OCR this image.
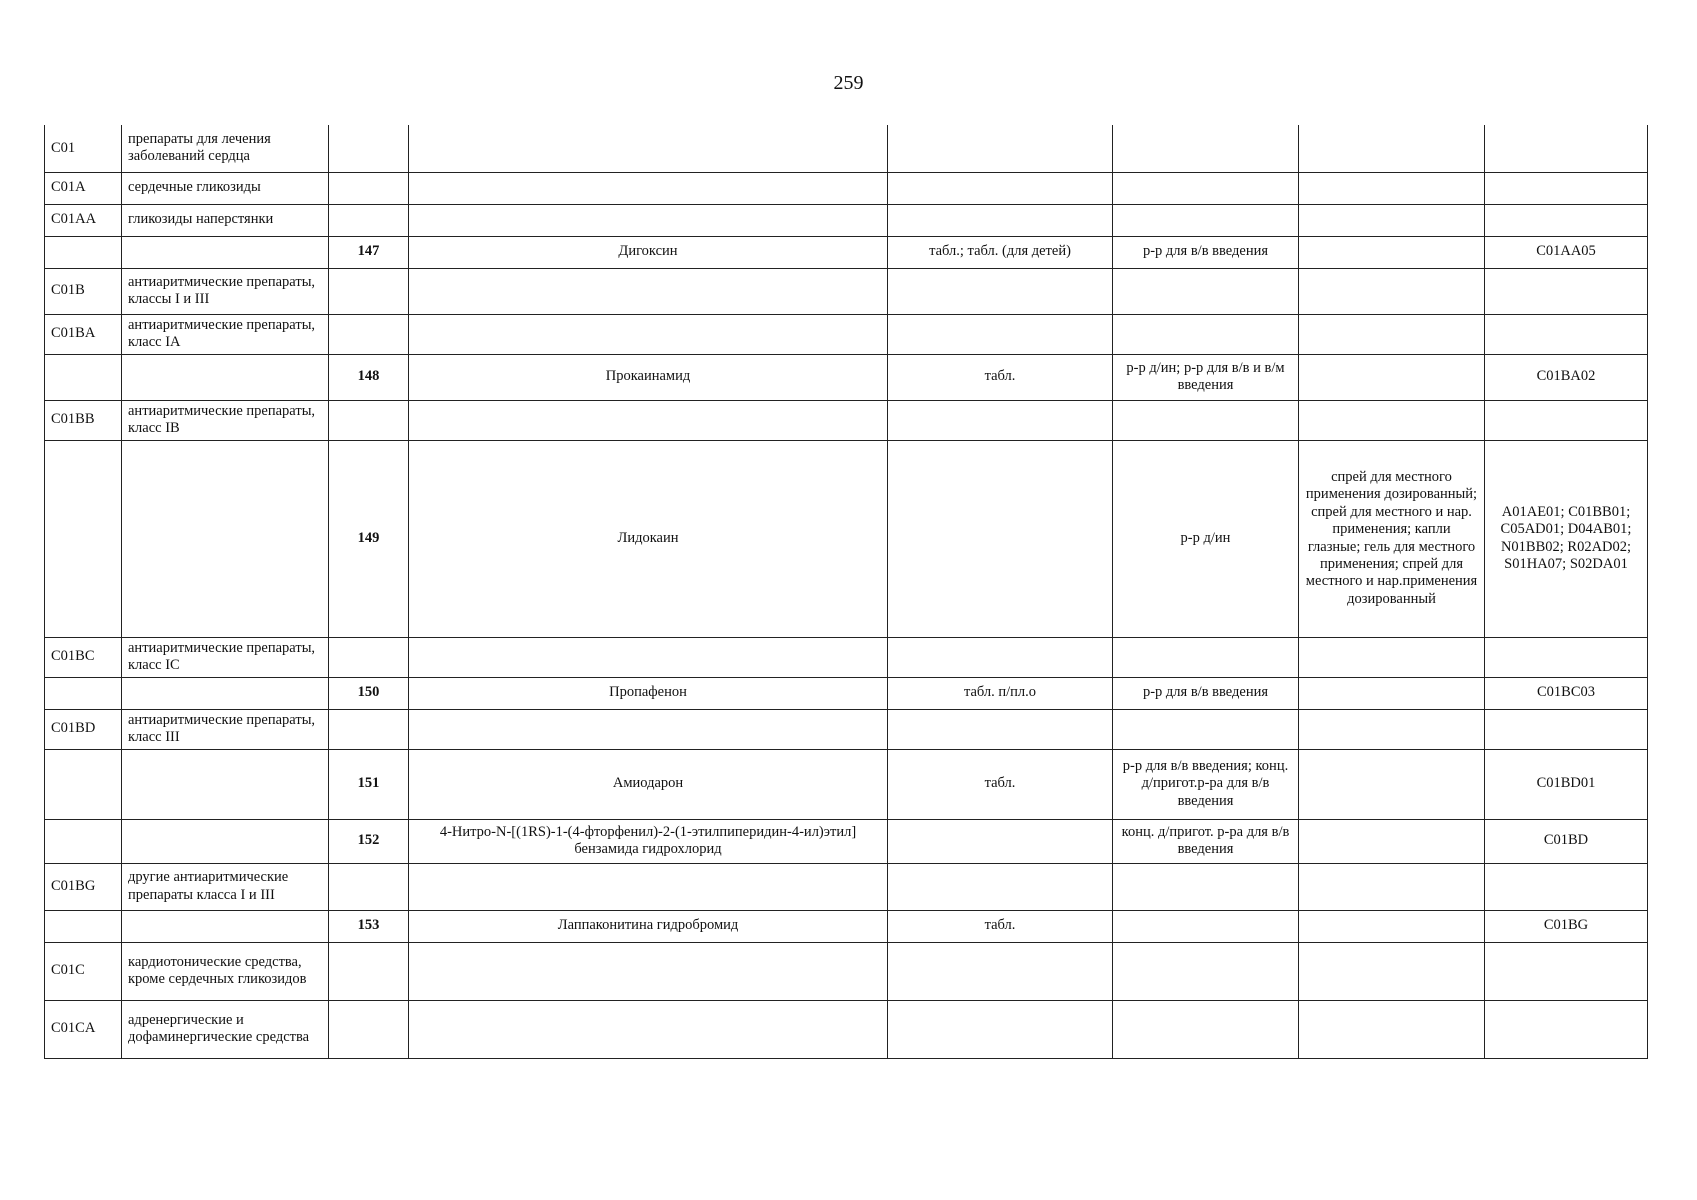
259
C01	препараты для лечения заболеваний сердца						
C01A	сердечные гликозиды						
C01AA	гликозиды наперстянки						
		147	Дигоксин	табл.; табл. (для детей)	р-р для в/в введения		C01AA05
C01B	антиаритмические препараты, классы I и III						
C01BA	антиаритмические препараты, класс IA						
		148	Прокаинамид	табл.	р-р д/ин; р-р для в/в и в/м введения		C01BA02
C01BB	антиаритмические препараты, класс IB						
		149	Лидокаин		р-р д/ин	спрей для местного применения дозированный; спрей для местного и нар. применения; капли глазные; гель для местного применения; спрей для местного и нар.применения дозированный	A01AE01; C01BB01; C05AD01; D04AB01; N01BB02; R02AD02; S01HA07; S02DA01
C01BC	антиаритмические препараты, класс IC						
		150	Пропафенон	табл. п/пл.о	р-р для в/в введения		C01BC03
C01BD	антиаритмические препараты, класс III						
		151	Амиодарон	табл.	р-р для в/в введения; конц. д/пригот.р-ра для в/в введения		C01BD01
		152	4-Нитро-N-[(1RS)-1-(4-фторфенил)-2-(1-этилпиперидин-4-ил)этил] бензамида гидрохлорид		конц. д/пригот. р-ра для в/в введения		C01BD
C01BG	другие антиаритмические препараты класса I и III						
		153	Лаппаконитина гидробромид	табл.			C01BG
C01C	кардиотонические средства, кроме сердечных гликозидов						
C01CA	адренергические и дофаминергические средства						
